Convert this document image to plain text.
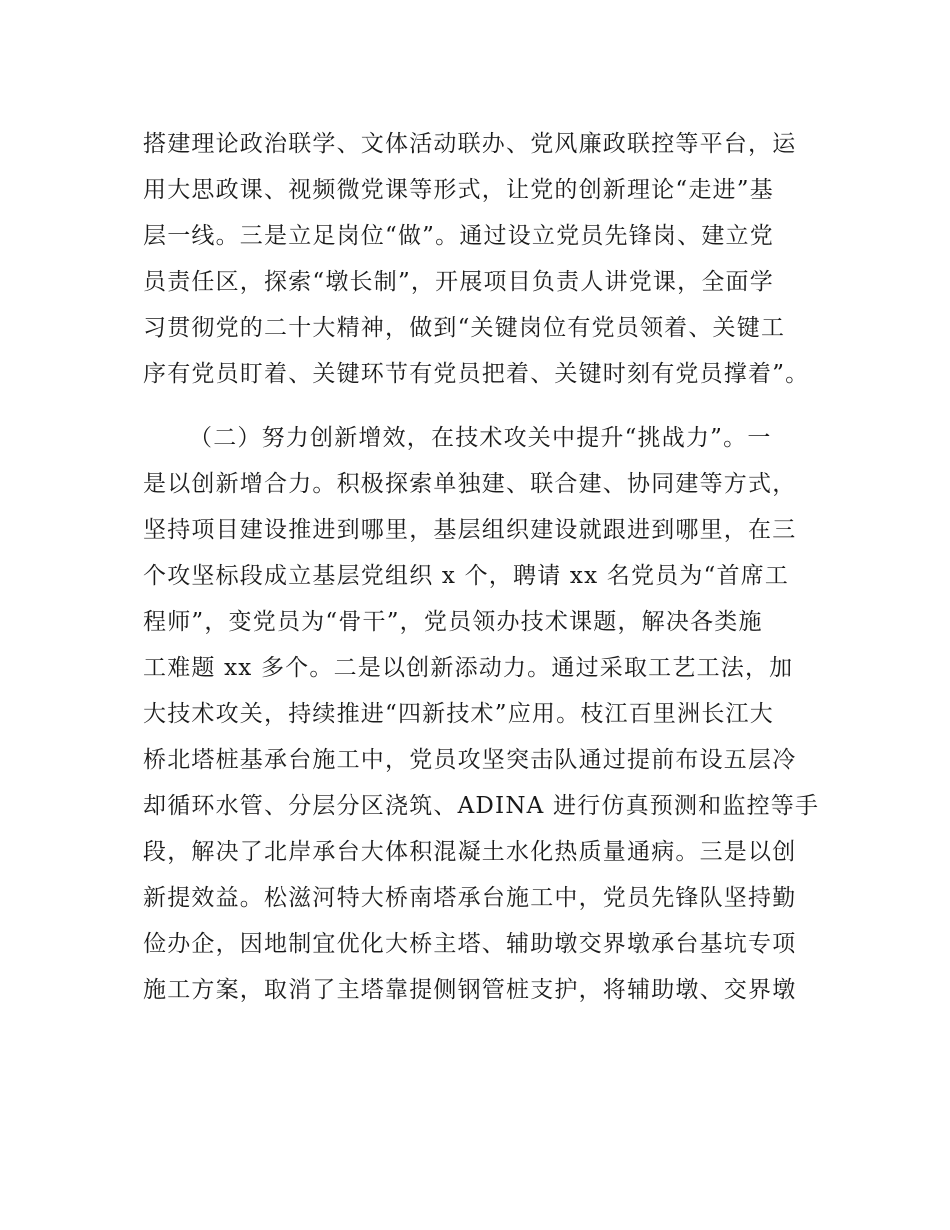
搭建理论政治联学、文体活动联办、党风廉政联控等平台，运
用大思政课、视频微党课等形式，让党的创新理论“走进”基
层一线。三是立足岗位“做”。通过设立党员先锋岗、建立党
员责任区，探索“墩长制”，开展项目负责人讲党课，全面学
习贯彻党的二十大精神，做到“关键岗位有党员领着、关键工
序有党员盯着、关键环节有党员把着、关键时刻有党员撑着”。
（二）努力创新增效，在技术攻关中提升“挑战力”。一
是以创新增合力。积极探索单独建、联合建、协同建等方式，
坚持项目建设推进到哪里，基层组织建设就跟进到哪里，在三
个攻坚标段成立基层党组织 x 个，聘请 xx 名党员为“首席工
程师”，变党员为“骨干”，党员领办技术课题，解决各类施
工难题 xx 多个。二是以创新添动力。通过采取工艺工法，加
大技术攻关，持续推进“四新技术”应用。枝江百里洲长江大
桥北塔桩基承台施工中，党员攻坚突击队通过提前布设五层冷
却循环水管、分层分区浇筑、ADINA 进行仿真预测和监控等手
段，解决了北岸承台大体积混凝土水化热质量通病。三是以创
新提效益。松滋河特大桥南塔承台施工中，党员先锋队坚持勤
俭办企，因地制宜优化大桥主塔、辅助墩交界墩承台基坑专项
施工方案，取消了主塔靠提侧钢管桩支护，将辅助墩、交界墩
